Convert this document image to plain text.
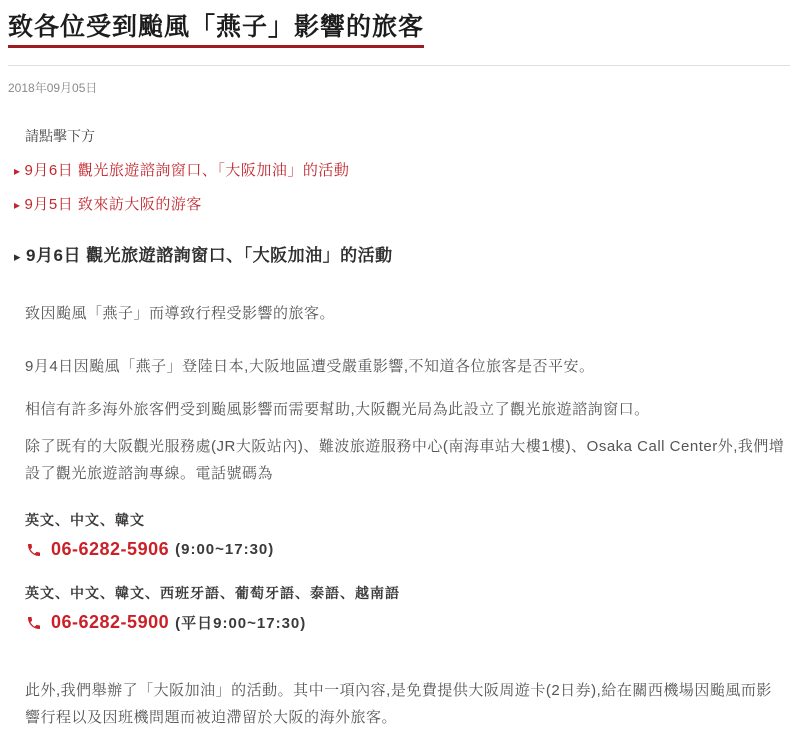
致各位受到颱風「燕子」影響的旅客
2018年09月05日
請點擊下方
▸ 9月6日 觀光旅遊諮詢窗口、「大阪加油」的活動
▸ 9月5日 致來訪大阪的游客
▸ 9月6日 觀光旅遊諮詢窗口、「大阪加油」的活動

致因颱風「燕子」而導致行程受影響的旅客。

9月4日因颱風「燕子」登陸日本,大阪地區遭受嚴重影響,不知道各位旅客是否平安。

相信有許多海外旅客們受到颱風影響而需要幫助,大阪觀光局為此設立了觀光旅遊諮詢窗口。

除了既有的大阪觀光服務處(JR大阪站內)、難波旅遊服務中心(南海車站大樓1樓)、Osaka Call Center外,我們增設了觀光旅遊諮詢專線。電話號碼為

英文、中文、韓文
06-6282-5906 (9:00~17:30)
英文、中文、韓文、西班牙語、葡萄牙語、泰語、越南語
06-6282-5900 (平日9:00~17:30)

此外,我們舉辦了「大阪加油」的活動。其中一項內容,是免費提供大阪周遊卡(2日券),給在關西機場因颱風而影響行程以及因班機問題而被迫滯留於大阪的海外旅客。
